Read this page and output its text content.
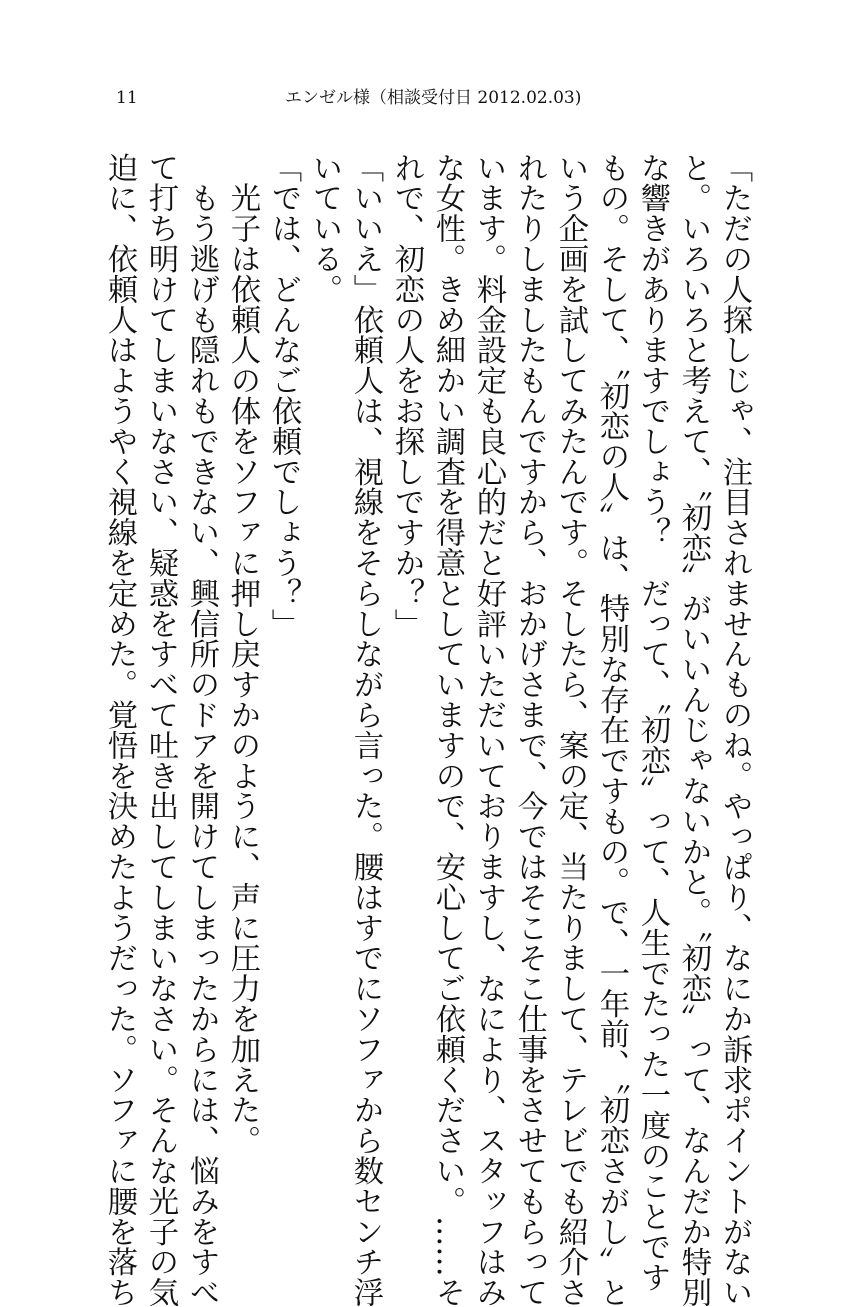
11	エンゼル様（相談受付日 2012.02.03)
「ただの人探しじゃ、注目されませんものね。やっぱり、なにか訴求ポイントがない
と。いろいろと考えて、〝初恋〟がいいんじゃないかと。〝初恋〟って、なんだか特別
な響きがありますでしょう？　だって、〝初恋〟って、人生でたった一度のことです
もの。そして、〝初恋の人〟は、特別な存在ですもの。で、一年前、〝初恋さがし〟と
いう企画を試してみたんです。そしたら、案の定、当たりまして、テレビでも紹介さ
れたりしましたもんですから、おかげさまで、今ではそこそこ仕事をさせてもらって
います。料金設定も良心的だと好評いただいておりますし、なにより、スタッフはみ
な女性。きめ細かい調査を得意としていますので、安心してご依頼ください。……そ
れで、初恋の人をお探しですか？」
「いいえ」依頼人は、視線をそらしながら言った。腰はすでにソファから数センチ浮
いている。
「では、どんなご依頼でしょう？」
　光子は依頼人の体をソファに押し戻すかのように、声に圧力を加えた。
　もう逃げも隠れもできない、興信所のドアを開けてしまったからには、悩みをすべ
て打ち明けてしまいなさい、疑惑をすべて吐き出してしまいなさい。そんな光子の気
迫に、依頼人はようやく視線を定めた。覚悟を決めたようだった。ソファに腰を落ち
